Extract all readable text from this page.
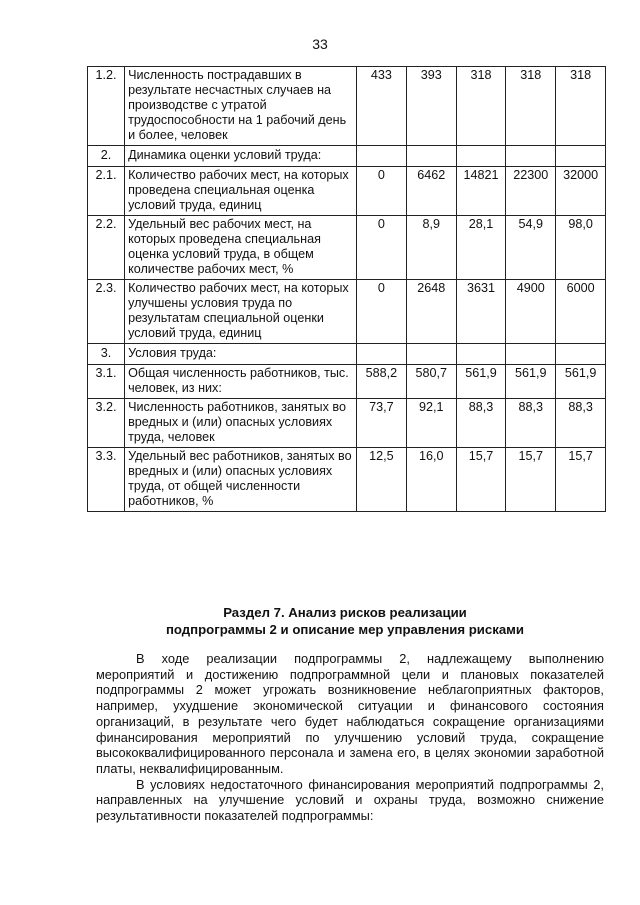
33
1.2.	Численность пострадавших в результате несчастных случаев на производстве с утратой трудоспособности на 1 рабочий день и более, человек	433	393	318	318	318
2.	Динамика оценки условий труда:					
2.1.	Количество рабочих мест, на которых проведена специальная оценка условий труда, единиц	0	6462	14821	22300	32000
2.2.	Удельный вес рабочих мест, на которых проведена специальная оценка условий труда, в общем количестве рабочих мест, %	0	8,9	28,1	54,9	98,0
2.3.	Количество рабочих мест, на которых улучшены условия труда по результатам специальной оценки условий труда, единиц	0	2648	3631	4900	6000
3.	Условия труда:					
3.1.	Общая численность работников, тыс. человек, из них:	588,2	580,7	561,9	561,9	561,9
3.2.	Численность работников, занятых во вредных и (или) опасных условиях труда, человек	73,7	92,1	88,3	88,3	88,3
3.3.	Удельный вес работников, занятых во вредных и (или) опасных условиях труда, от общей численности работников, %	12,5	16,0	15,7	15,7	15,7
Раздел 7. Анализ рисков реализации
подпрограммы 2 и описание мер управления рисками

В ходе реализации подпрограммы 2, надлежащему выполнению мероприятий и достижению подпрограммной цели и плановых показателей подпрограммы 2 может угрожать возникновение неблагоприятных факторов, например, ухудшение экономической ситуации и финансового состояния организаций, в результате чего будет наблюдаться сокращение организациями финансирования мероприятий по улучшению условий труда, сокращение высококвалифицированного персонала и замена его, в целях экономии заработной платы, неквалифицированным.

В условиях недостаточного финансирования мероприятий подпрограммы 2, направленных на улучшение условий и охраны труда, возможно снижение результативности показателей подпрограммы:
